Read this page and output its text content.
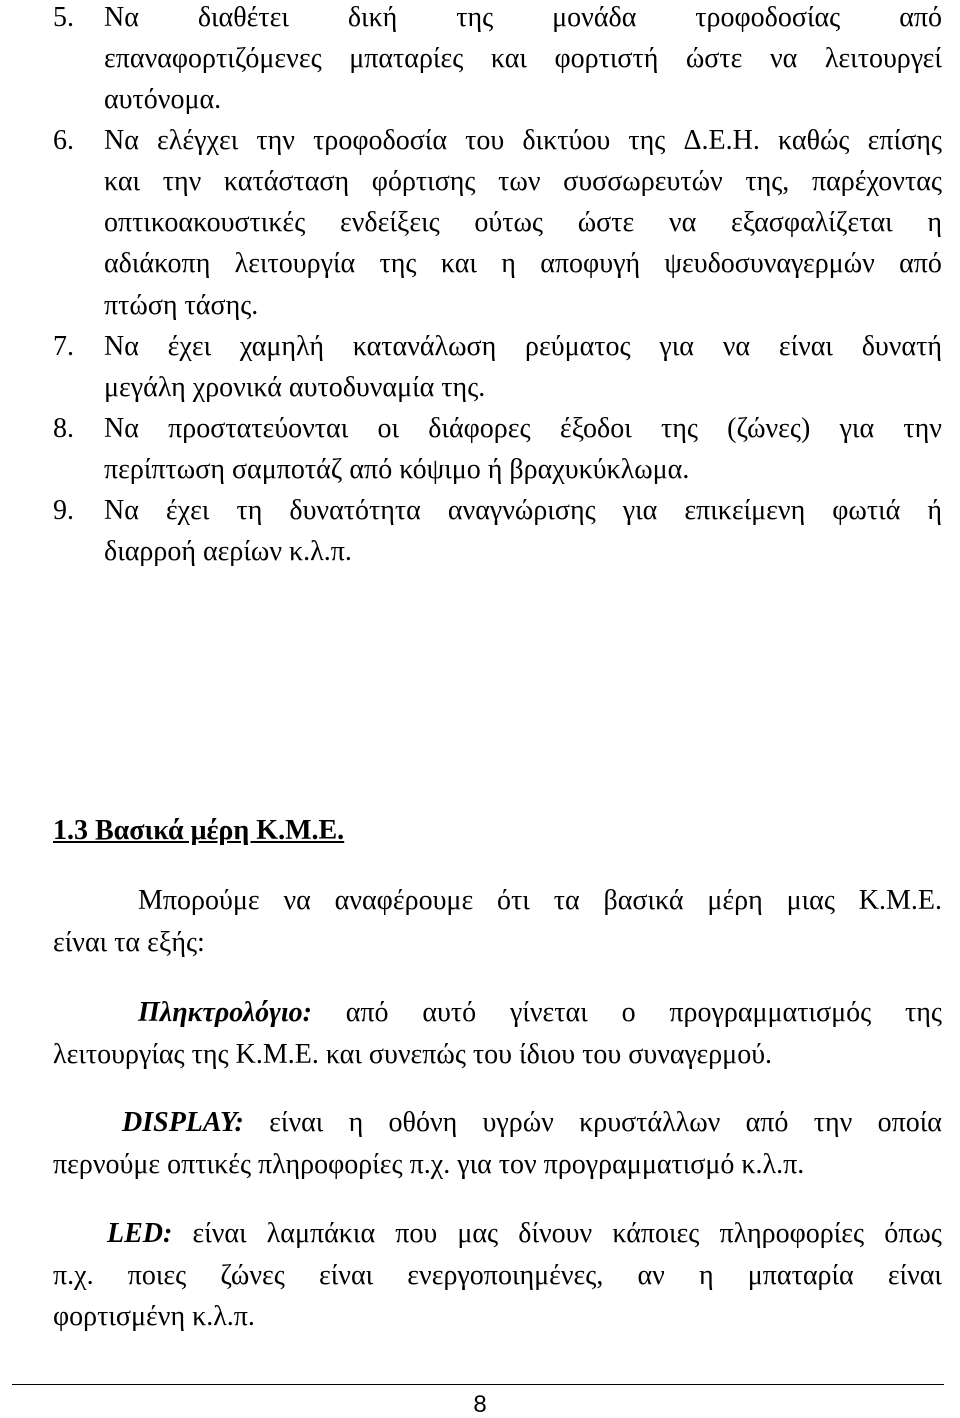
5. Να διαθέτει δική της μονάδα τροφοδοσίας από
επαναφορτιζόμενες μπαταρίες και φορτιστή ώστε να λειτουργεί
αυτόνομα.
6. Να ελέγχει την τροφοδοσία του δικτύου της Δ.Ε.Η. καθώς επίσης
και την κατάσταση φόρτισης των συσσωρευτών της, παρέχοντας
οπτικοακουστικές ενδείξεις ούτως ώστε να εξασφαλίζεται η
αδιάκοπη λειτουργία της και η αποφυγή ψευδοσυναγερμών από
πτώση τάσης.
7. Να έχει χαμηλή κατανάλωση ρεύματος για να είναι δυνατή
μεγάλη χρονικά αυτοδυναμία της.
8. Να προστατεύονται οι διάφορες έξοδοι της (ζώνες) για την
περίπτωση σαμποτάζ από κόψιμο ή βραχυκύκλωμα.
9. Να έχει τη δυνατότητα αναγνώρισης για επικείμενη φωτιά ή
διαρροή αερίων κ.λ.π.
1.3 Βασικά μέρη Κ.Μ.Ε.
Μπορούμε να αναφέρουμε ότι τα βασικά μέρη μιας Κ.Μ.Ε.
είναι τα εξής:
Πληκτρολόγιο: από αυτό γίνεται ο προγραμματισμός της
λειτουργίας της Κ.Μ.Ε. και συνεπώς του ίδιου του συναγερμού.
DISPLAY: είναι η οθόνη υγρών κρυστάλλων από την οποία
περνούμε οπτικές πληροφορίες π.χ. για τον προγραμματισμό κ.λ.π.
LED: είναι λαμπάκια που μας δίνουν κάποιες πληροφορίες όπως
π.χ. ποιες ζώνες είναι ενεργοποιημένες, αν η μπαταρία είναι
φορτισμένη κ.λ.π.
8
